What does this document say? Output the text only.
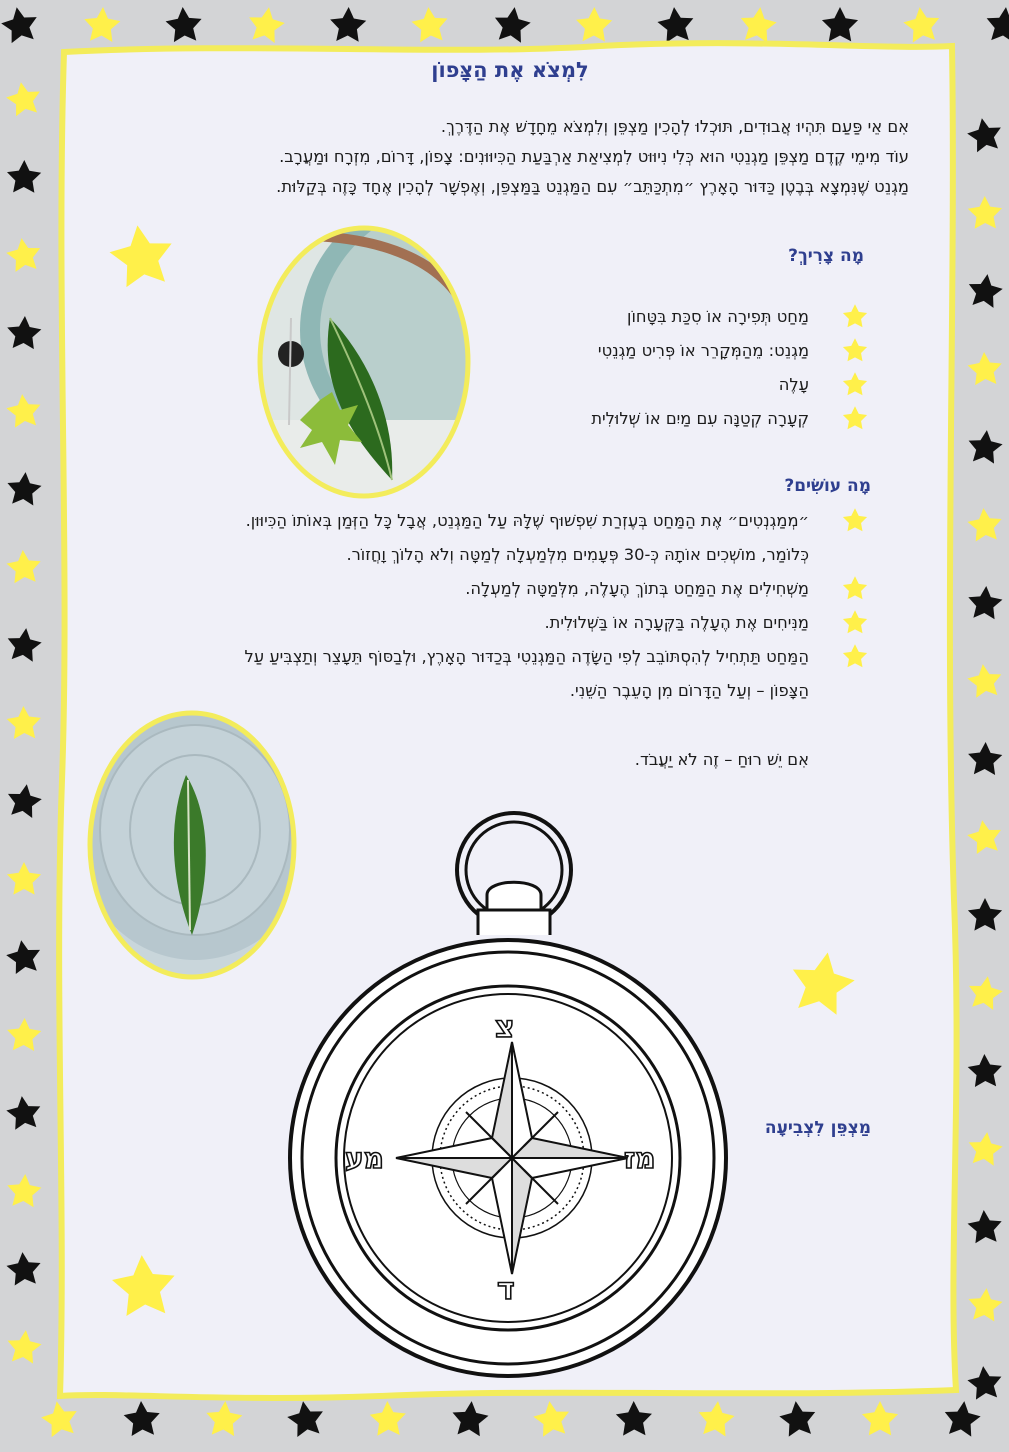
לִמְצֹא אֶת הַצָּפוֹן

אִם אֵי פַּעַם תִּהְיוּ אֲבוּדִים, תּוּכְלוּ לְהָכִין מַצְפֵּן וְלִמְצֹא מֵחָדָשׁ אֶת הַדֶּרֶךְ.

עוֹד מִימֵי קֶדֶם מַצְפֵּן מַגְנֵטִי הוּא כְּלִי נִיוּוּט לִמְצִיאַת אַרְבַּעַת הַכִּיוּוּנִים: צָפוֹן, דָּרוֹם, מִזְרָח וּמַעֲרָב.

מַגְנֵט שֶׁנִּמְצָא בְּבֶטֶן כַּדּוּר הָאָרֶץ ״מִתְכַּתֵּב״ עִם הַמַּגְנֵט בַּמַּצְפֵּן, וְאֶפְשָׁר לְהָכִין אֶחָד כָּזֶה בְּקַלּוּת.

מָה צָרִיךְ?
מַחַט תְּפִירָה אוֹ סִכַּת בִּטָּחוֹן
מַגְנֵט: מֵהַמְּקָרֵר אוֹ פְּרִיט מַגְנֵטִי
עָלֶה
קְעָרָה קְטַנָּה עִם מַיִם אוֹ שְׁלוּלִית
מָה עוֹשִׂים?
״מְמַגְנְטִים״ אֶת הַמַּחַט בְּעֶזְרַת שִׁפְשׁוּף שֶׁלָּהּ עַל הַמַּגְנֵט, אֲבָל כָּל הַזְּמַן בְּאוֹתוֹ הַכִּיוּוּן. כְּלוֹמַר, מוֹשְׁכִים אוֹתָהּ כְּ-30 פְּעָמִים מִלְּמַעְלָה לְמַטָּה וְלֹא הָלוֹךְ וָחֲזוֹר.
מַשְׁחִילִים אֶת הַמַּחַט בְּתוֹךְ הֶעָלֶה, מִלְּמַטָּה לְמַעְלָה.
מַנִּיחִים אֶת הֶעָלֶה בַּקְּעָרָה אוֹ בַּשְּׁלוּלִית.
הַמַּחַט תַּתְחִיל לְהִסְתּוֹבֵב לְפִי הַשָּׂדֶה הַמַּגְנֵטִי בְּכַדּוּר הָאָרֶץ, וּלְבַסּוֹף תֵּעָצֵר וְתַצְבִּיעַ עַל הַצָּפוֹן – וְעַל הַדָּרוֹם מִן הָעֵבֶר הַשֵּׁנִי.
אִם יֵשׁ רוּחַ – זֶה לֹא יַעֲבֹד.
מַצְפֵּן לִצְבִיעָה
צ
ד
מז
מע
